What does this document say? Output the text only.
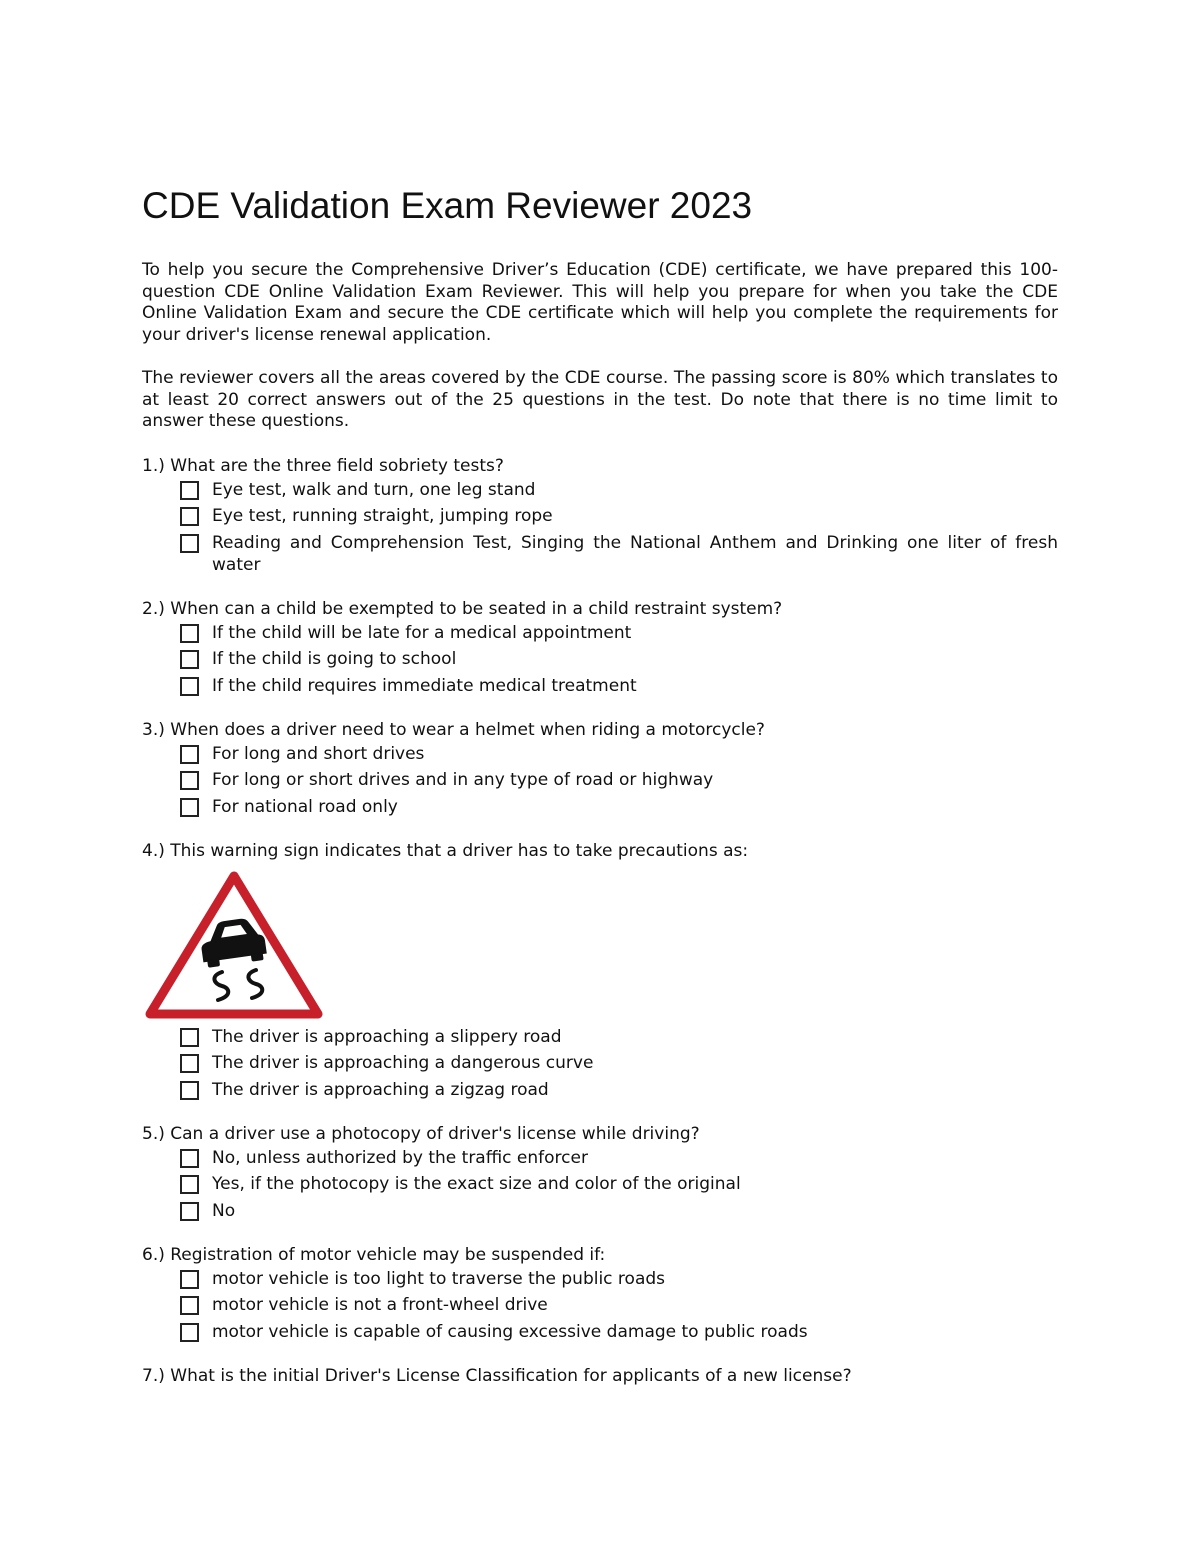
CDE Validation Exam Reviewer 2023

To help you secure the Comprehensive Driver’s Education (CDE) certificate, we have prepared this 100-question CDE Online Validation Exam Reviewer. This will help you prepare for when you take the CDE Online Validation Exam and secure the CDE certificate which will help you complete the requirements for your driver's license renewal application.

The reviewer covers all the areas covered by the CDE course. The passing score is 80% which translates to at least 20 correct answers out of the 25 questions in the test. Do note that there is no time limit to answer these questions.

1.) What are the three field sobriety tests?

Eye test, walk and turn, one leg stand
Eye test, running straight, jumping rope
Reading and Comprehension Test, Singing the National Anthem and Drinking one liter of fresh water

2.) When can a child be exempted to be seated in a child restraint system?

If the child will be late for a medical appointment
If the child is going to school
If the child requires immediate medical treatment

3.) When does a driver need to wear a helmet when riding a motorcycle?

For long and short drives
For long or short drives and in any type of road or highway
For national road only

4.) This warning sign indicates that a driver has to take precautions as:

The driver is approaching a slippery road
The driver is approaching a dangerous curve
The driver is approaching a zigzag road

5.) Can a driver use a photocopy of driver's license while driving?

No, unless authorized by the traffic enforcer
Yes, if the photocopy is the exact size and color of the original
No

6.) Registration of motor vehicle may be suspended if:

motor vehicle is too light to traverse the public roads
motor vehicle is not a front-wheel drive
motor vehicle is capable of causing excessive damage to public roads

7.) What is the initial Driver's License Classification for applicants of a new license?
